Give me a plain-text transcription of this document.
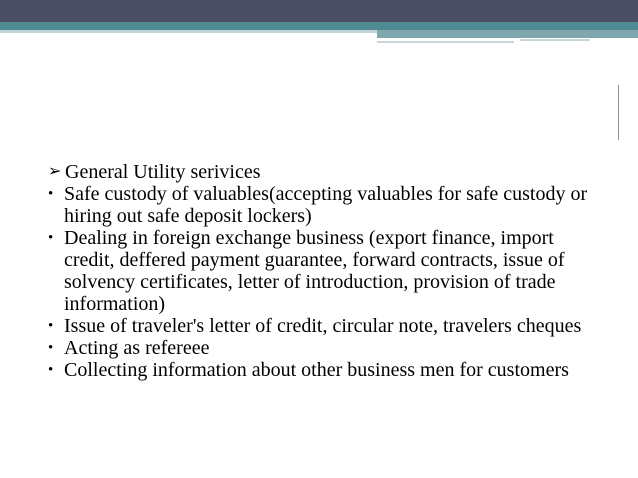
➢ General Utility serivices
• Safe custody of valuables(accepting valuables for safe custody or hiring out safe deposit lockers)
• Dealing in foreign exchange business (export finance, import credit, deffered payment guarantee, forward contracts, issue of solvency certificates, letter of introduction, provision of trade information)
• Issue of traveler's letter of credit, circular note, travelers cheques
• Acting as refereee
• Collecting information about other business men for customers
